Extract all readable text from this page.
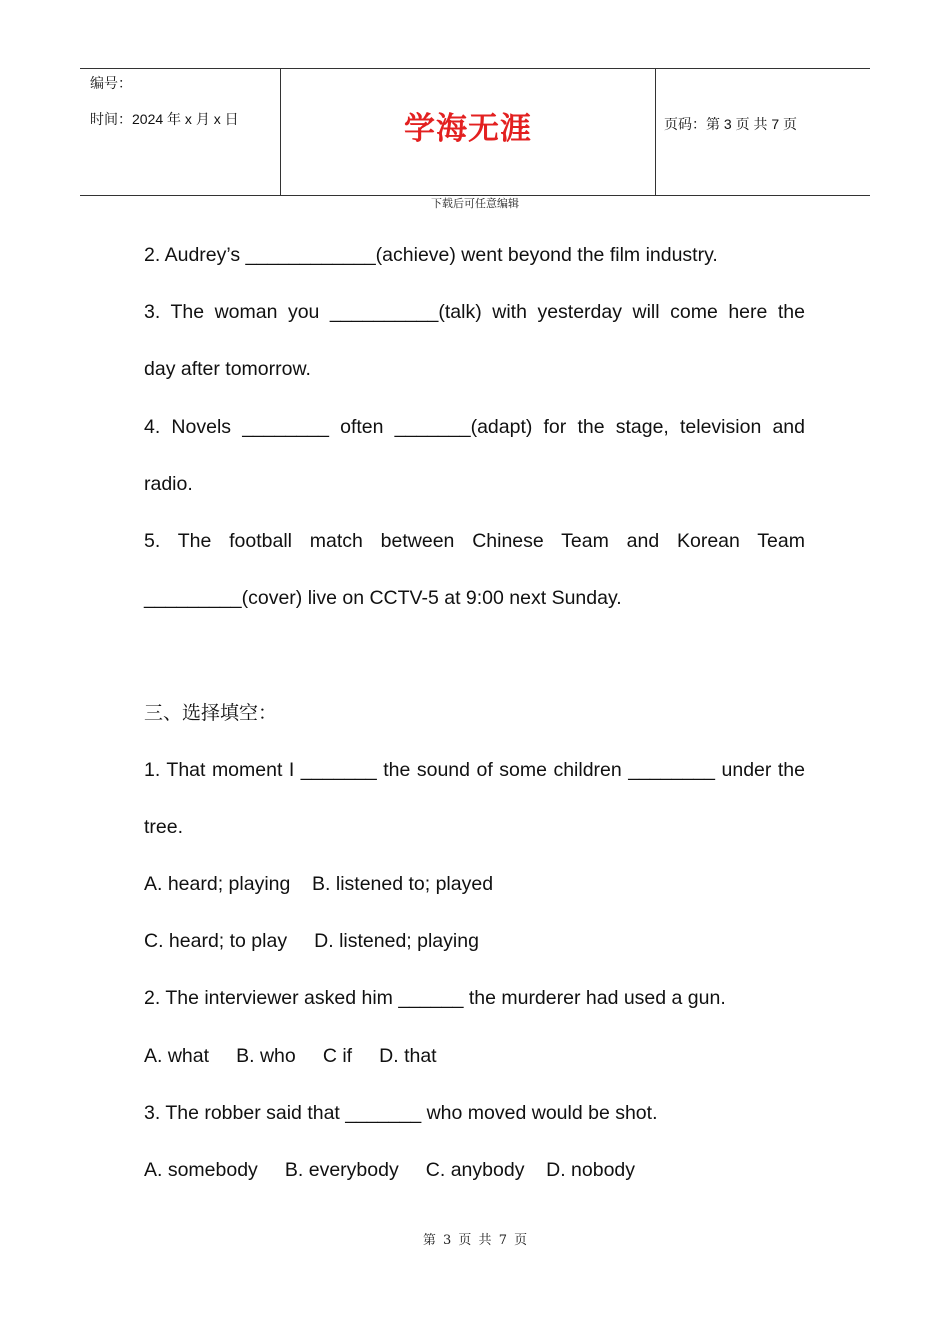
编号：
时间：2024 年 x 月 x 日	学海无涯	页码：第 3 页 共 7 页
下载后可任意编辑
2. Audrey’s ____________(achieve) went beyond the film industry.
3. The woman you __________(talk) with yesterday will come here the
day after tomorrow.
4. Novels ________ often _______(adapt) for the stage, television and
radio.
5. The football match between Chinese Team and Korean Team
_________(cover) live on CCTV-5 at 9:00 next Sunday.
三、选择填空：
1. That moment I _______ the sound of some children ________ under the
tree.
A. heard; playing    B. listened to; played
C. heard; to play     D. listened; playing
2. The interviewer asked him ______ the murderer had used a gun.
A. what     B. who     C if     D. that
3. The robber said that _______ who moved would be shot.
A. somebody     B. everybody     C. anybody    D. nobody
第 3 页 共 7 页
